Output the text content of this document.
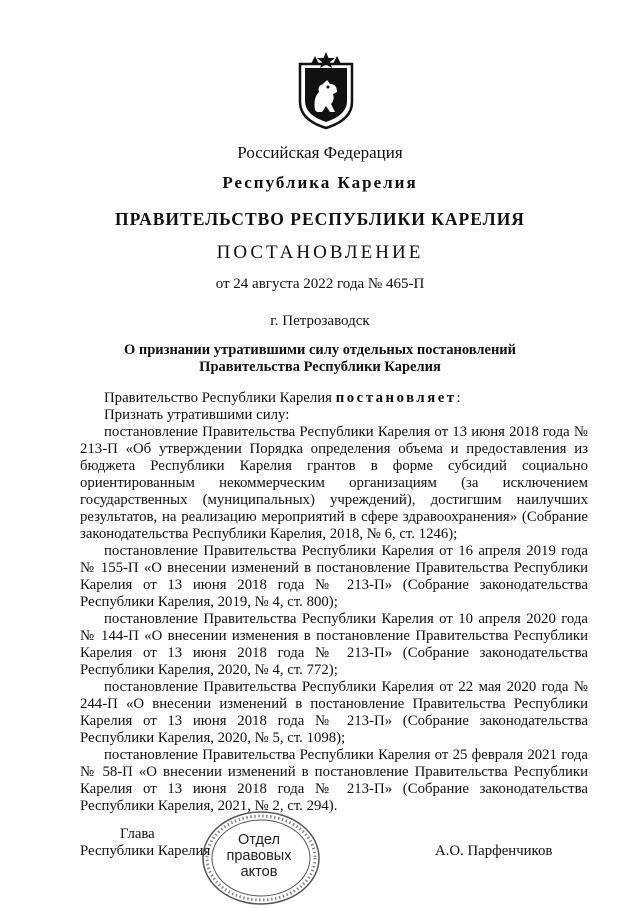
Российская Федерация
Республика Карелия
ПРАВИТЕЛЬСТВО РЕСПУБЛИКИ КАРЕЛИЯ
ПОСТАНОВЛЕНИЕ
от 24 августа 2022 года № 465-П
г. Петрозаводск
О признании утратившими силу отдельных постановлений
Правительства Республики Карелия

Правительство Республики Карелия постановляет:

Признать утратившими силу:

постановление Правительства Республики Карелия от 13 июня 2018 года № 213-П «Об утверждении Порядка определения объема и предоставления из бюджета Республики Карелия грантов в форме субсидий социально ориентированным некоммерческим организациям (за исключением государственных (муниципальных) учреждений), достигшим наилучших результатов, на реализацию мероприятий в сфере здравоохранения» (Собрание законодательства Республики Карелия, 2018, № 6, ст. 1246);

постановление Правительства Республики Карелия от 16 апреля 2019 года № 155-П «О внесении изменений в постановление Правительства Республики Карелия от 13 июня 2018 года № 213-П» (Собрание законодательства Республики Карелия, 2019, № 4, ст. 800);

постановление Правительства Республики Карелия от 10 апреля 2020 года № 144-П «О внесении изменения в постановление Правительства Республики Карелия от 13 июня 2018 года № 213-П» (Собрание законодательства Республики Карелия, 2020, № 4, ст. 772);

постановление Правительства Республики Карелия от 22 мая 2020 года № 244-П «О внесении изменений в постановление Правительства Республики Карелия от 13 июня 2018 года № 213-П» (Собрание законодательства Республики Карелия, 2020, № 5, ст. 1098);

постановление Правительства Республики Карелия от 25 февраля 2021 года № 58-П «О внесении изменений в постановление Правительства Республики Карелия от 13 июня 2018 года № 213-П» (Собрание законодательства Республики Карелия, 2021, № 2, ст. 294).

Отдел
правовых
актов
Глава
Республики Карелия	А.О. Парфенчиков
